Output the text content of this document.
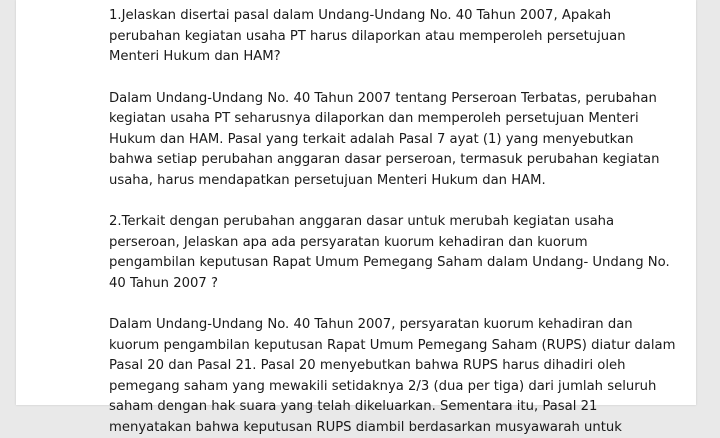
1.Jelaskan disertai pasal dalam Undang-Undang No. 40 Tahun 2007, Apakah
perubahan kegiatan usaha PT harus dilaporkan atau memperoleh persetujuan
Menteri Hukum dan HAM?

Dalam Undang-Undang No. 40 Tahun 2007 tentang Perseroan Terbatas, perubahan
kegiatan usaha PT seharusnya dilaporkan dan memperoleh persetujuan Menteri
Hukum dan HAM. Pasal yang terkait adalah Pasal 7 ayat (1) yang menyebutkan
bahwa setiap perubahan anggaran dasar perseroan, termasuk perubahan kegiatan
usaha, harus mendapatkan persetujuan Menteri Hukum dan HAM.

2.Terkait dengan perubahan anggaran dasar untuk merubah kegiatan usaha
perseroan, Jelaskan apa ada persyaratan kuorum kehadiran dan kuorum
pengambilan keputusan Rapat Umum Pemegang Saham dalam Undang- Undang No.
40 Tahun 2007 ?

Dalam Undang-Undang No. 40 Tahun 2007, persyaratan kuorum kehadiran dan
kuorum pengambilan keputusan Rapat Umum Pemegang Saham (RUPS) diatur dalam
Pasal 20 dan Pasal 21. Pasal 20 menyebutkan bahwa RUPS harus dihadiri oleh
pemegang saham yang mewakili setidaknya 2/3 (dua per tiga) dari jumlah seluruh
saham dengan hak suara yang telah dikeluarkan. Sementara itu, Pasal 21
menyatakan bahwa keputusan RUPS diambil berdasarkan musyawarah untuk
